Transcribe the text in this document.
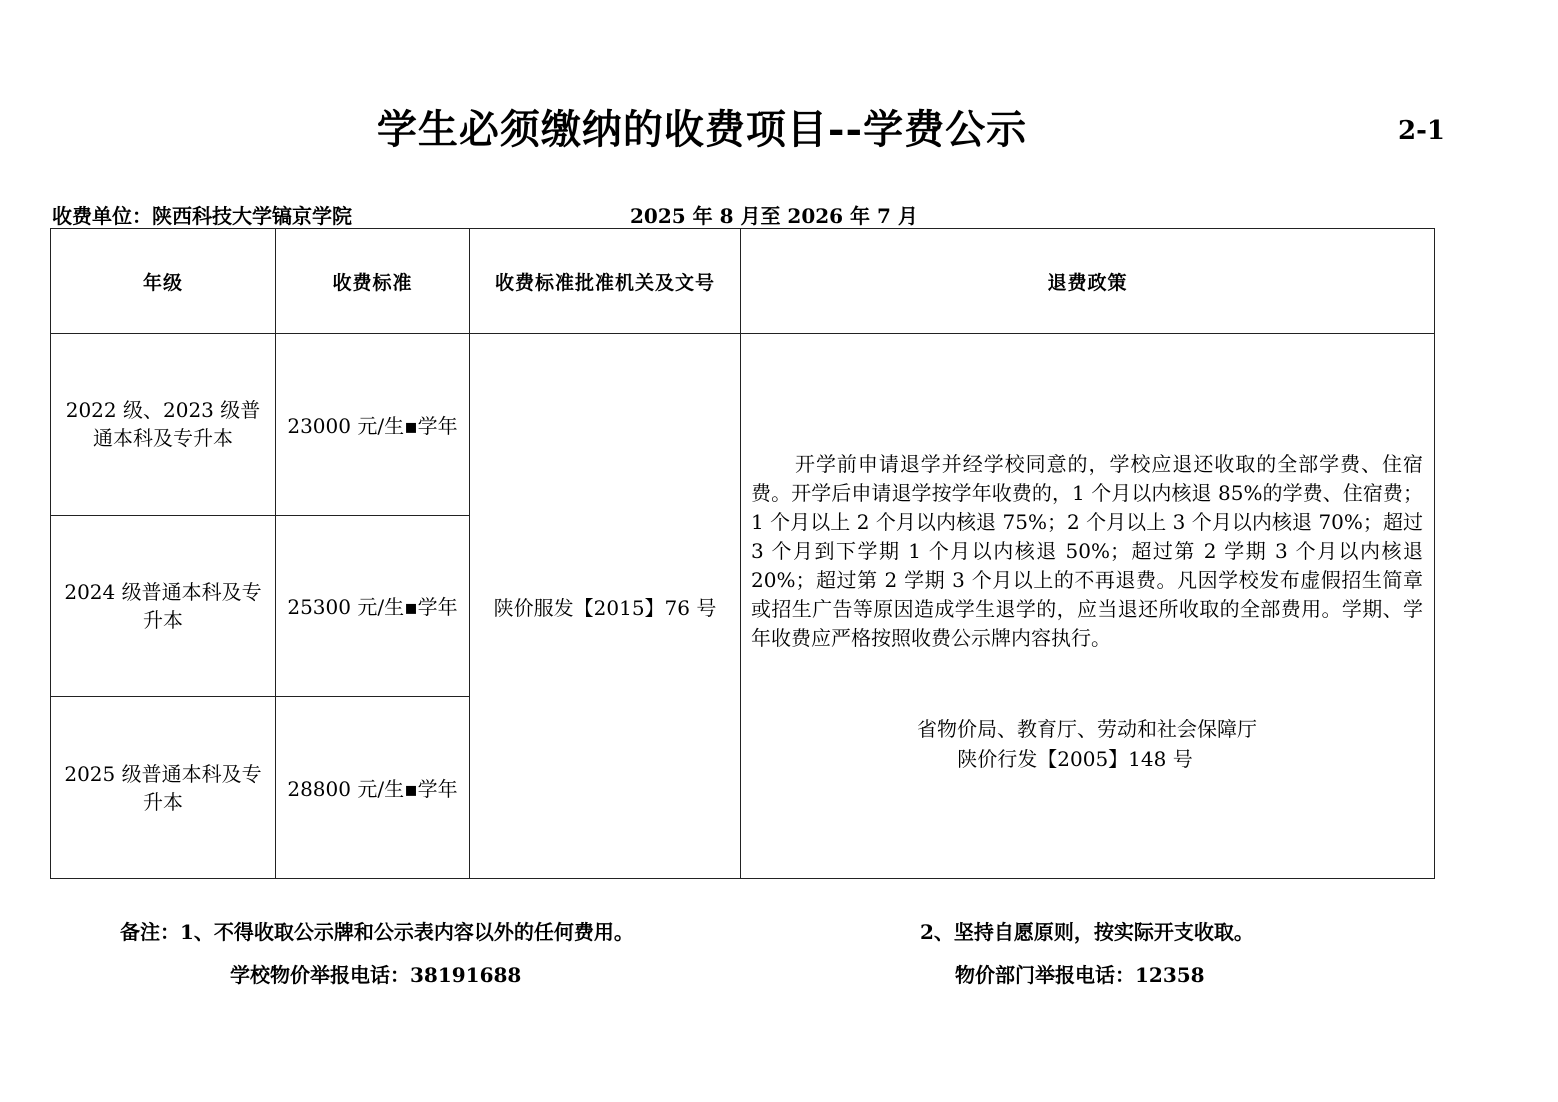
学生必须缴纳的收费项目--学费公示	2-1
收费单位：陕西科技大学镐京学院	2025 年 8 月至 2026 年 7 月
年级	收费标准	收费标准批准机关及文号	退费政策
2022 级、2023 级普通本科及专升本	23000 元/生▪学年	陕价服发【2015】76 号	开学前申请退学并经学校同意的，学校应退还收取的全部学费、住宿费。开学后申请退学按学年收费的，1 个月以内核退 85%的学费、住宿费；1 个月以上 2 个月以内核退 75%；2 个月以上 3 个月以内核退 70%；超过 3 个月到下学期 1 个月以内核退 50%；超过第 2 学期 3 个月以内核退 20%；超过第 2 学期 3 个月以上的不再退费。凡因学校发布虚假招生简章或招生广告等原因造成学生退学的，应当退还所收取的全部费用。学期、学年收费应严格按照收费公示牌内容执行。
省物价局、教育厅、劳动和社会保障厅
陕价行发【2005】148 号

2024 级普通本科及专升本	25300 元/生▪学年		
2025 级普通本科及专升本	28800 元/生▪学年		
备注：1、不得收取公示牌和公示表内容以外的任何费用。	2、坚持自愿原则，按实际开支收取。
学校物价举报电话：38191688	物价部门举报电话：12358
